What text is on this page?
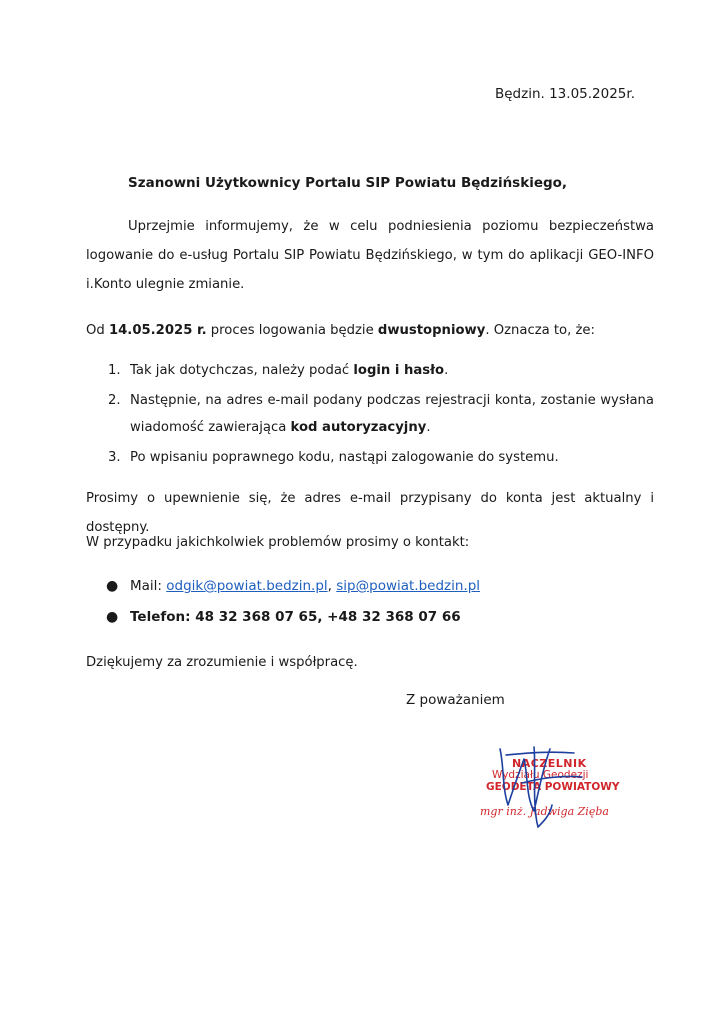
Będzin. 13.05.2025r.
Szanowni Użytkownicy Portalu SIP Powiatu Będzińskiego,

Uprzejmie informujemy, że w celu podniesienia poziomu bezpieczeństwa logowanie do e-usług Portalu SIP Powiatu Będzińskiego, w tym do aplikacji GEO-INFO i.Konto ulegnie zmianie.

Od 14.05.2025 r. proces logowania będzie dwustopniowy. Oznacza to, że:

1. Tak jak dotychczas, należy podać login i hasło.
2. Następnie, na adres e-mail podany podczas rejestracji konta, zostanie wysłana wiadomość zawierająca kod autoryzacyjny.
3. Po wpisaniu poprawnego kodu, nastąpi zalogowanie do systemu.

Prosimy o upewnienie się, że adres e-mail przypisany do konta jest aktualny i dostępny.

W przypadku jakichkolwiek problemów prosimy o kontakt:

● Mail: odgik@powiat.bedzin.pl, sip@powiat.bedzin.pl
● Telefon: 48 32 368 07 65, +48 32 368 07 66

Dziękujemy za zrozumienie i współpracę.

Z poważaniem
NACZELNIK
Wydziału Geodezji
GEODETA POWIATOWY
mgr inż. Jadwiga Zięba
